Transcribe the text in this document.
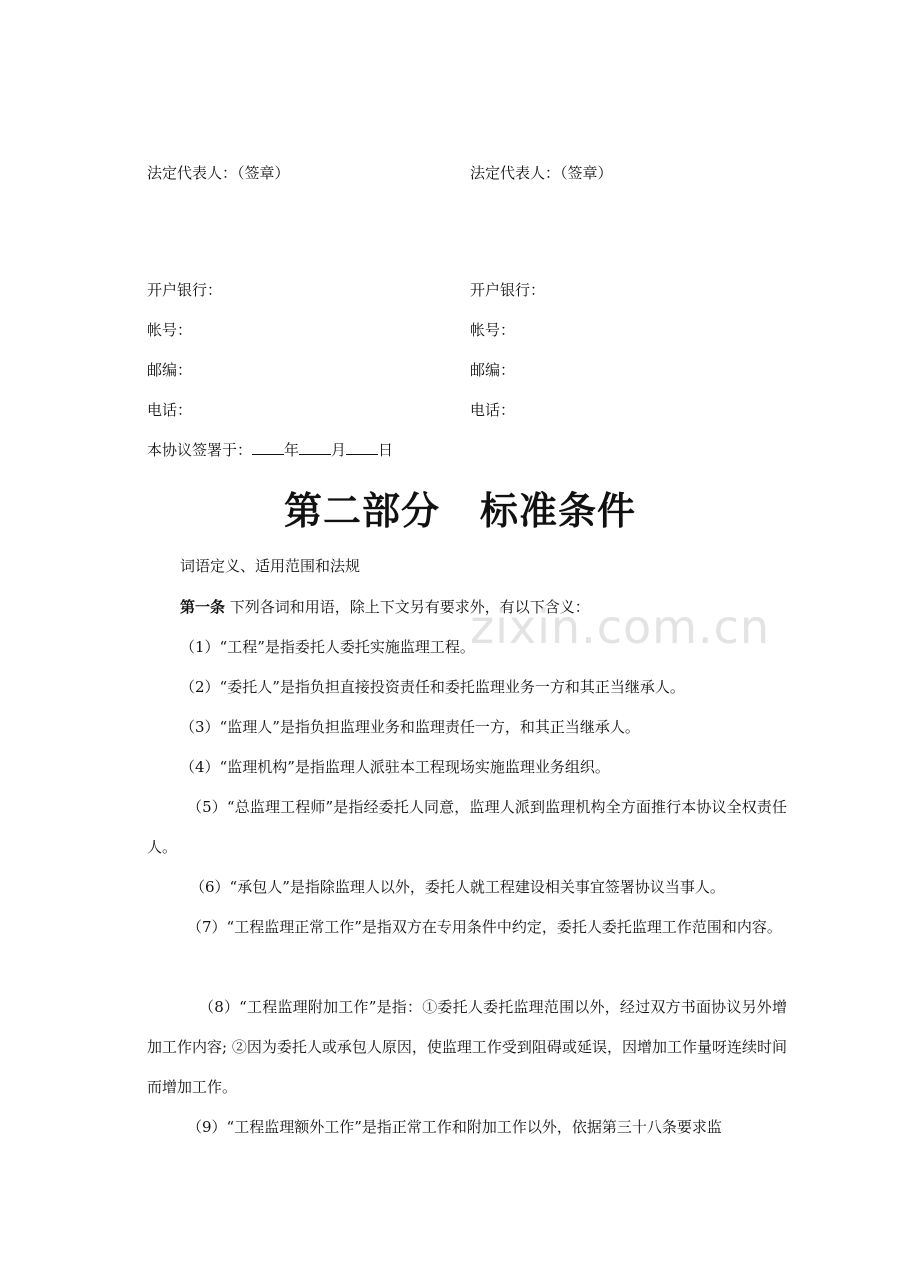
法定代表人：（签章）	法定代表人：（签章）
开户银行：	开户银行：
帐号：	帐号：
邮编：	邮编：
电话：	电话：
本协议签署于： 年 月 日
第二部分 标准条件
zixin.com.cn
词语定义、适用范围和法规
第一条 下列各词和用语，除上下文另有要求外，有以下含义：
（1）“工程”是指委托人委托实施监理工程。
（2）“委托人”是指负担直接投资责任和委托监理业务一方和其正当继承人。
（3）“监理人”是指负担监理业务和监理责任一方，和其正当继承人。
（4）“监理机构”是指监理人派驻本工程现场实施监理业务组织。
（5）“总监理工程师”是指经委托人同意，监理人派到监理机构全方面推行本协议全权责任人。
（6）“承包人”是指除监理人以外，委托人就工程建设相关事宜签署协议当事人。
（7）“工程监理正常工作”是指双方在专用条件中约定，委托人委托监理工作范围和内容。
（8）“工程监理附加工作”是指：①委托人委托监理范围以外，经过双方书面协议另外增加工作内容; ②因为委托人或承包人原因，使监理工作受到阻碍或延误，因增加工作量呀连续时间而增加工作。
（9）“工程监理额外工作”是指正常工作和附加工作以外，依据第三十八条要求监
